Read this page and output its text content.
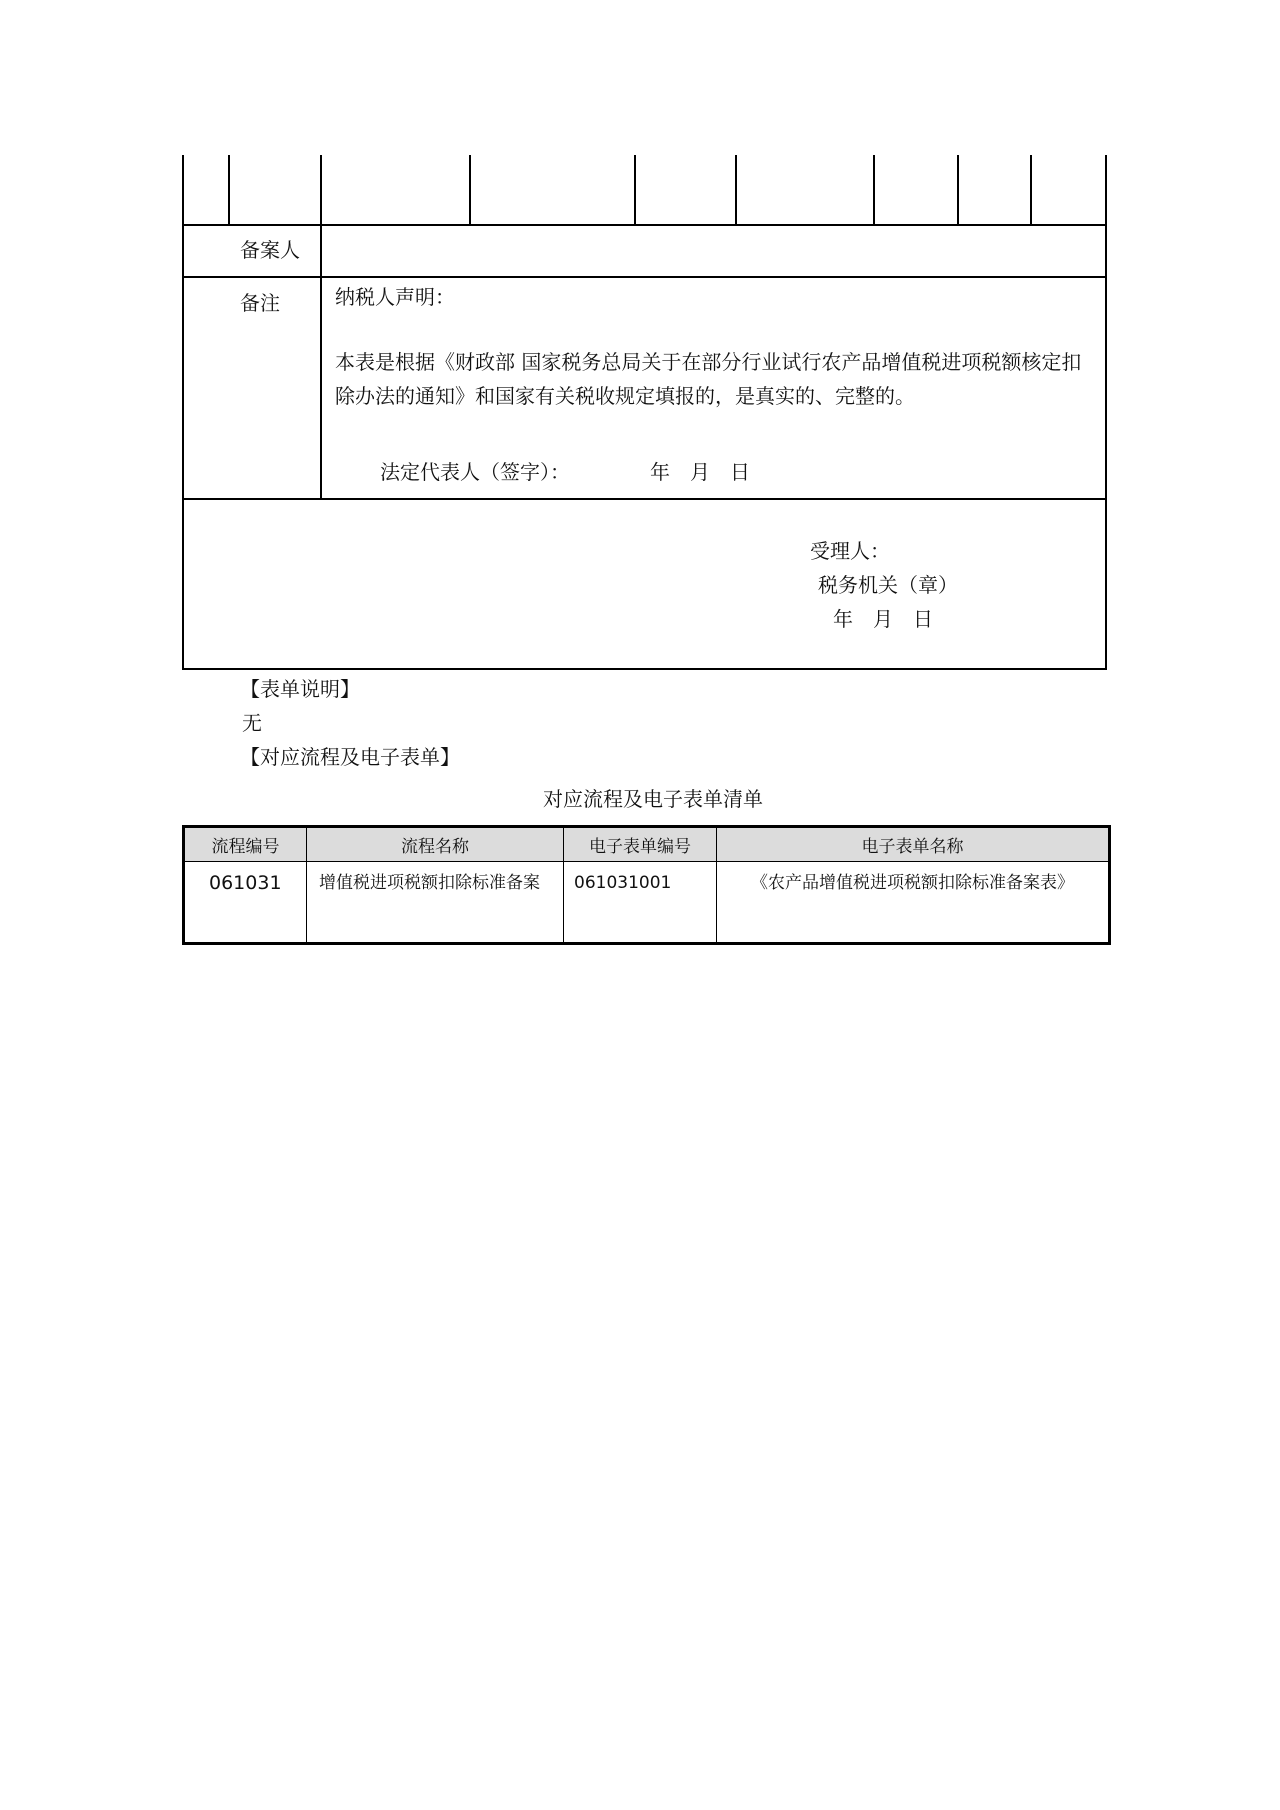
备案人
备注	纳税人声明：
本表是根据《财政部 国家税务总局关于在部分行业试行农产品增值税进项税额核定扣除办法的通知》和国家有关税收规定填报的，是真实的、完整的。
法定代表人（签字）：	年　月　日
受理人：
税务机关（章）
年　月　日
【表单说明】
无
【对应流程及电子表单】
对应流程及电子表单清单
流程编号	流程名称	电子表单编号	电子表单名称
061031	增值税进项税额扣除标准备案	061031001	《农产品增值税进项税额扣除标准备案表》
